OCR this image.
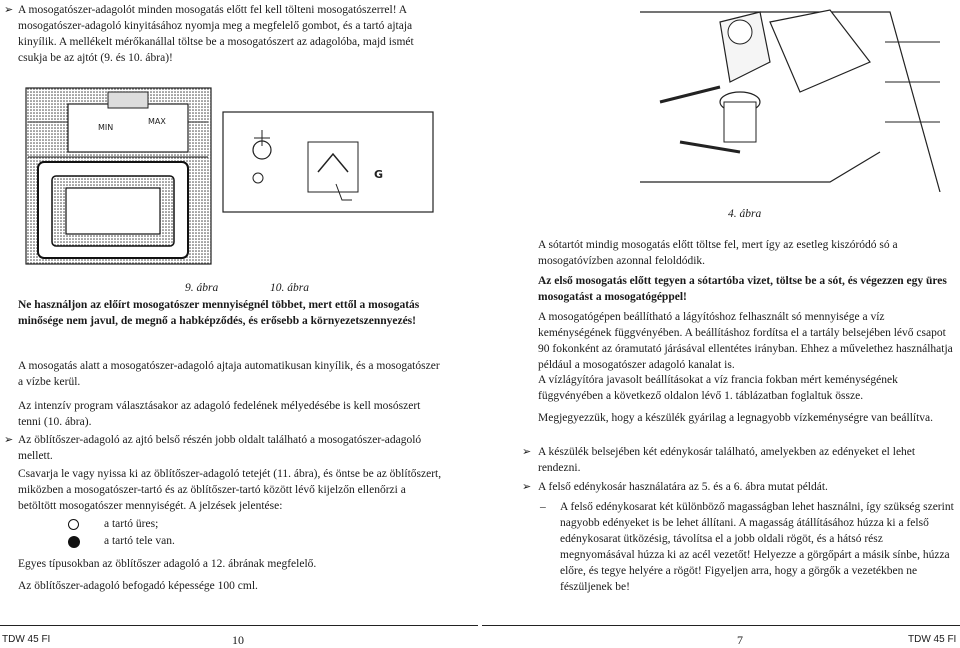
➢ A mosogatószer-adagolót minden mosogatás előtt fel kell tölteni mosogatószerrel! A mosogatószer-adagoló kinyitásához nyomja meg a megfelelő gombot, és a tartó ajtaja kinyílik. A mellékelt mérőkanállal töltse be a mosogatószert az adagolóba, majd ismét csukja be az ajtót (9. és 10. ábra)!

MIN
MAX
G
9. ábra	10. ábra

Ne használjon az előírt mosogatószer mennyiségnél többet, mert ettől a mosogatás minősége nem javul, de megnő a habképződés, és erősebb a környezetszennyezés!

A mosogatás alatt a mosogatószer-adagoló ajtaja automatikusan kinyílik, és a mosogatószer a vízbe kerül.

Az intenzív program választásakor az adagoló fedelének mélyedésébe is kell mosószert tenni (10. ábra).

➢ Az öblítőszer-adagoló az ajtó belső részén jobb oldalt található a mosogatószer-adagoló mellett.

Csavarja le vagy nyissa ki az öblítőszer-adagoló tetejét (11. ábra), és öntse be az öblítőszert, miközben a mosogatószer-tartó és az öblítőszer-tartó között lévő kijelzőn ellenőrzi a betöltött mosogatószer mennyiségét. A jelzések jelentése:

a tartó üres;
a tartó tele van.

Egyes típusokban az öblítőszer adagoló a 12. ábrának megfelelő.

Az öblítőszer-adagoló befogadó képessége 100 cml.

4. ábra

A sótartót mindig mosogatás előtt töltse fel, mert így az esetleg kiszóródó só a mosogatóvízben azonnal feloldódik.

Az első mosogatás előtt tegyen a sótartóba vizet, töltse be a sót, és végezzen egy üres mosogatást a mosogatógéppel!

A mosogatógépen beállítható a lágyítóshoz felhasznált só mennyisége a víz keménységének függvényében. A beállításhoz fordítsa el a tartály belsejében lévő csapot 90 fokonként az óramutató járásával ellentétes irányban. Ehhez a művelethez használhatja például a mosogatószer adagoló kanalat is.

A vízlágyítóra javasolt beállításokat a víz francia fokban mért keménységének függvényében a következő oldalon lévő 1. táblázatban foglaltuk össze.

Megjegyezzük, hogy a készülék gyárilag a legnagyobb vízkeménységre van beállítva.

➢ A készülék belsejében két edénykosár található, amelyekben az edényeket el lehet rendezni.

➢ A felső edénykosár használatára az 5. és a 6. ábra mutat példát.

– A felső edénykosarat két különböző magasságban lehet használni, így szükség szerint nagyobb edényeket is be lehet állítani. A magasság átállításához húzza ki a felső edénykosarat ütközésig, távolítsa el a jobb oldali rögöt, és a hátsó rész megnyomásával húzza ki az acél vezetőt! Helyezze a görgőpárt a másik sínbe, húzza előre, és tegye helyére a rögöt! Figyeljen arra, hogy a görgők a vezetékben ne fészüljenek be!

TDW 45 FI	10	7	TDW 45 FI
